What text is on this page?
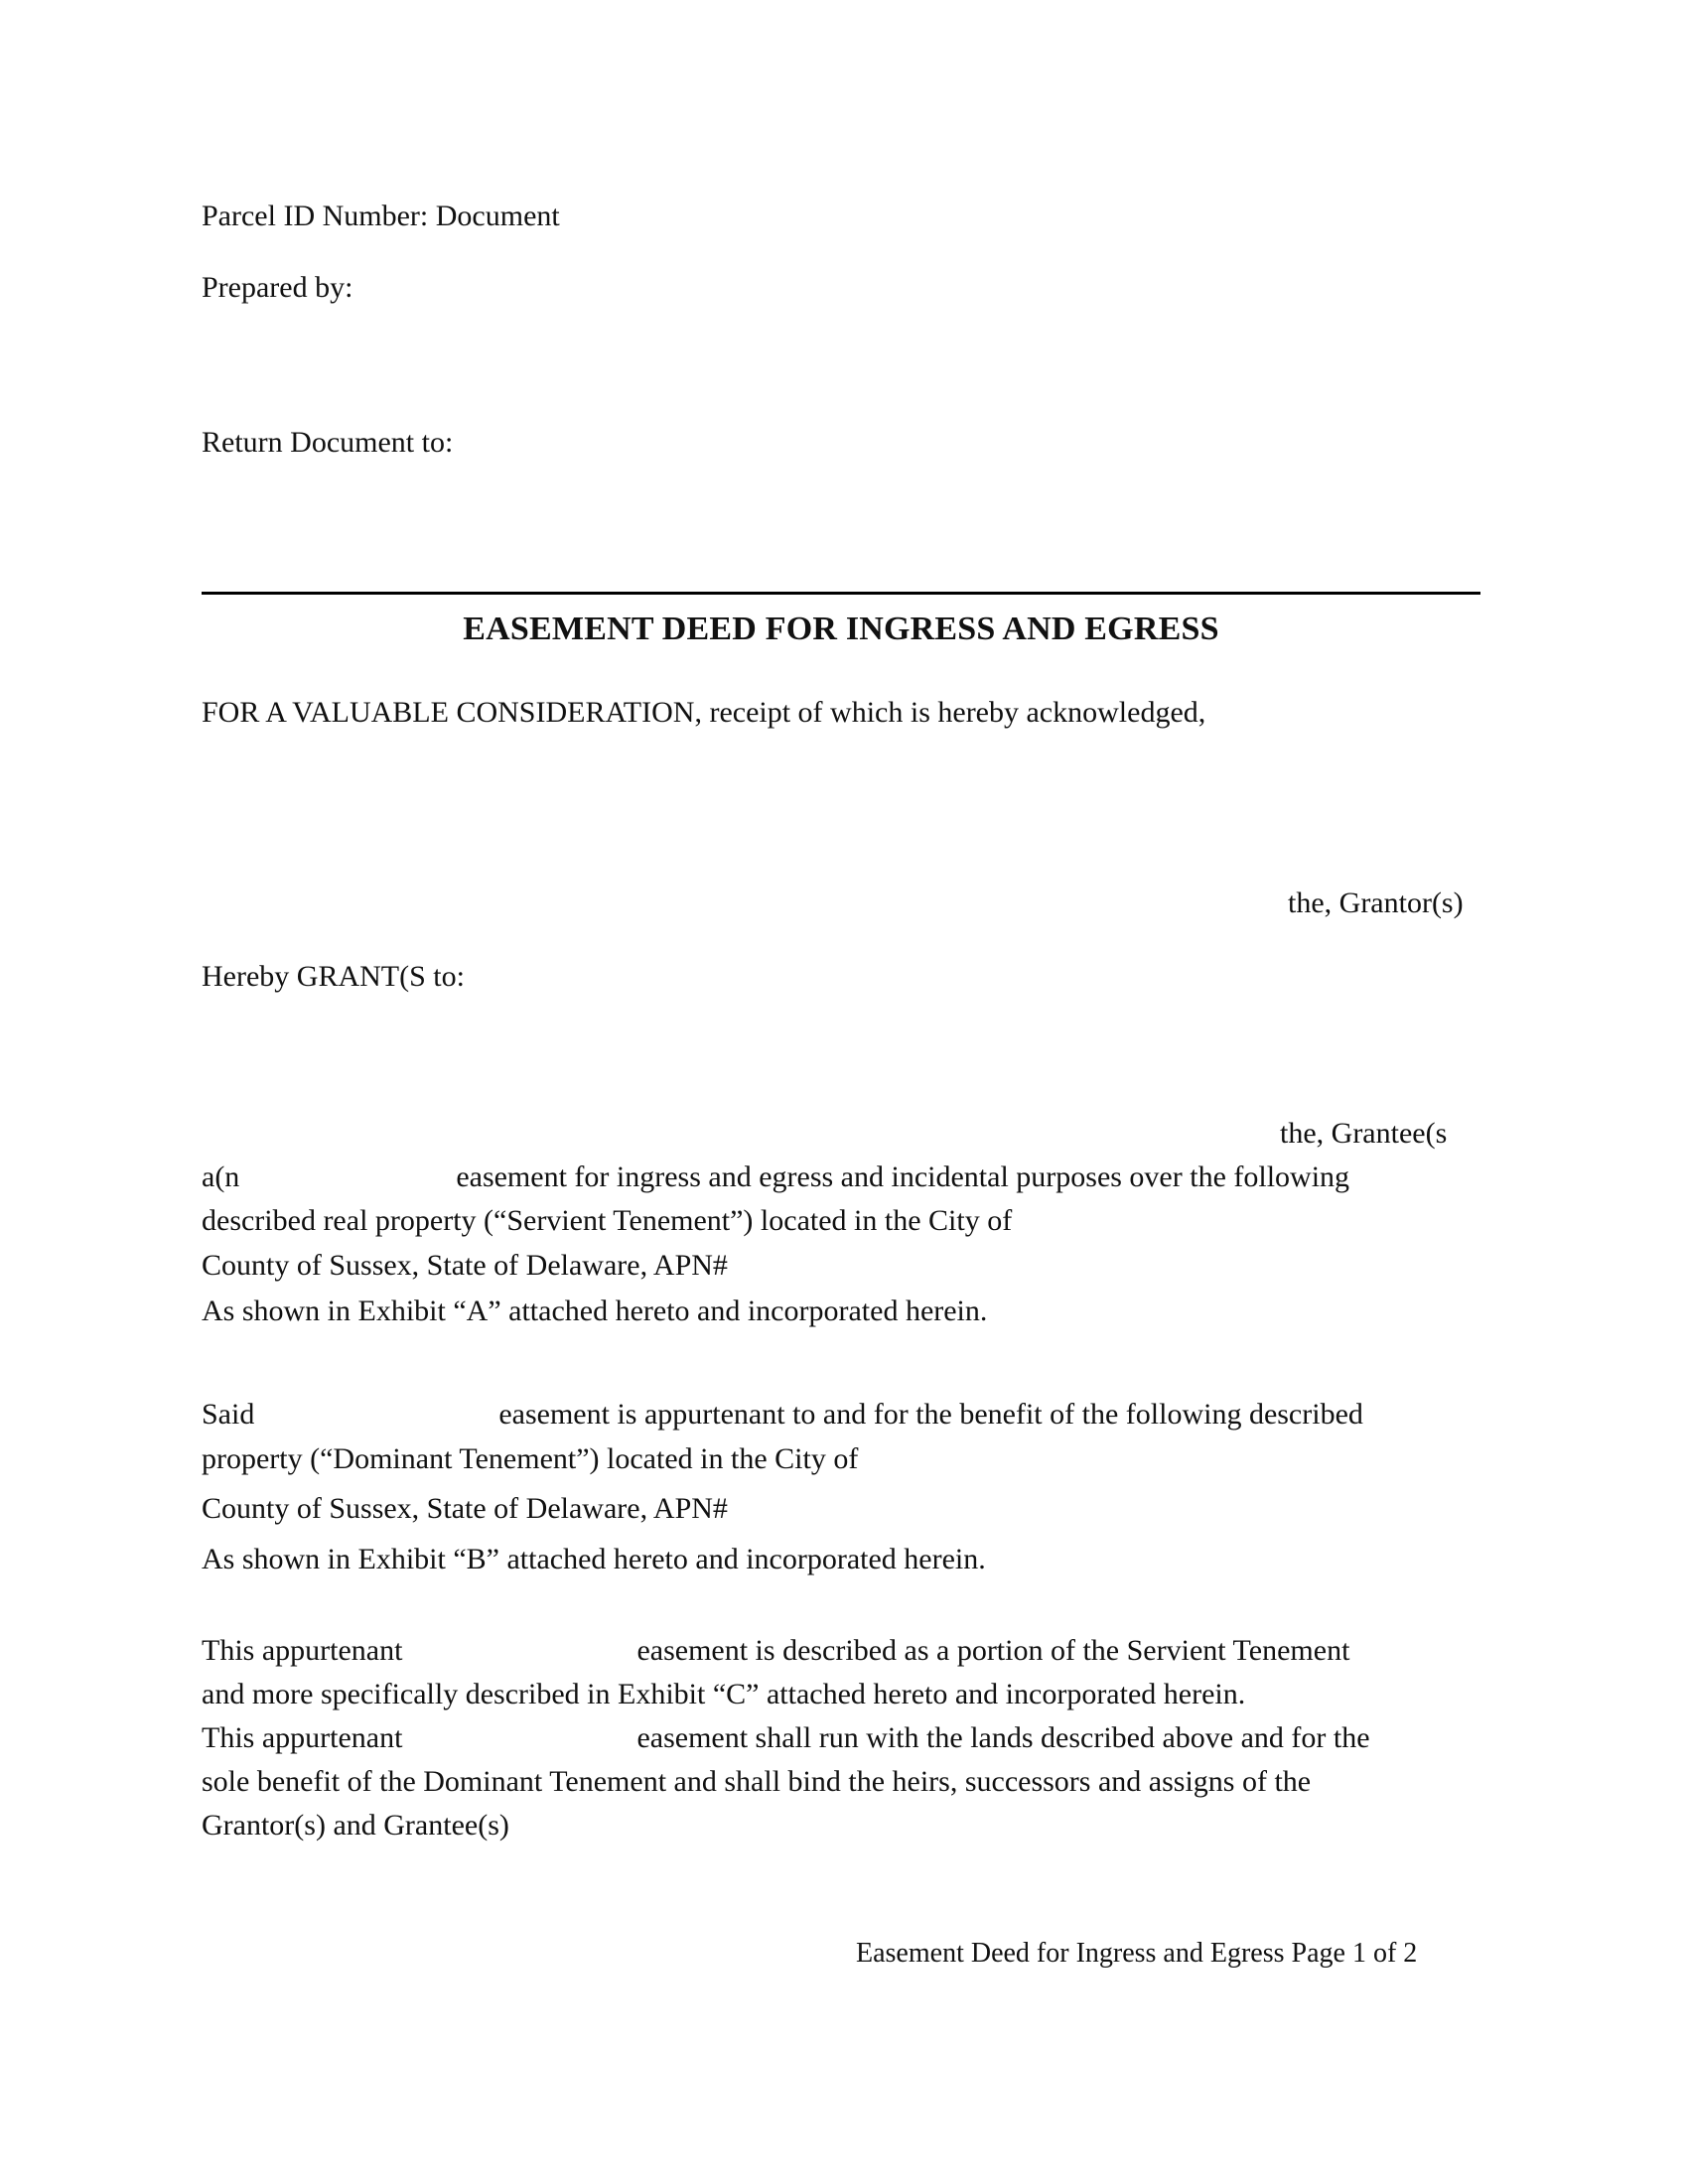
Parcel ID Number: Document

Prepared by:

Return Document to:

EASEMENT DEED FOR INGRESS AND EGRESS

FOR A VALUABLE CONSIDERATION, receipt of which is hereby acknowledged,

the, Grantor(s)

Hereby GRANT(S to:

the, Grantee(s

a(n	easement for ingress and egress and incidental purposes over the following

described real property (“Servient Tenement”) located in the City of

County of Sussex, State of Delaware, APN#

As shown in Exhibit “A” attached hereto and incorporated herein.

Said	easement is appurtenant to and for the benefit of the following described

property (“Dominant Tenement”) located in the City of

County of Sussex, State of Delaware, APN#

As shown in Exhibit “B” attached hereto and incorporated herein.

This appurtenant	easement is described as a portion of the Servient Tenement

and more specifically described in Exhibit “C” attached hereto and incorporated herein.

This appurtenant	easement shall run with the lands described above and for the

sole benefit of the Dominant Tenement and shall bind the heirs, successors and assigns of the

Grantor(s) and Grantee(s)

Easement Deed for Ingress and Egress Page 1 of 2
